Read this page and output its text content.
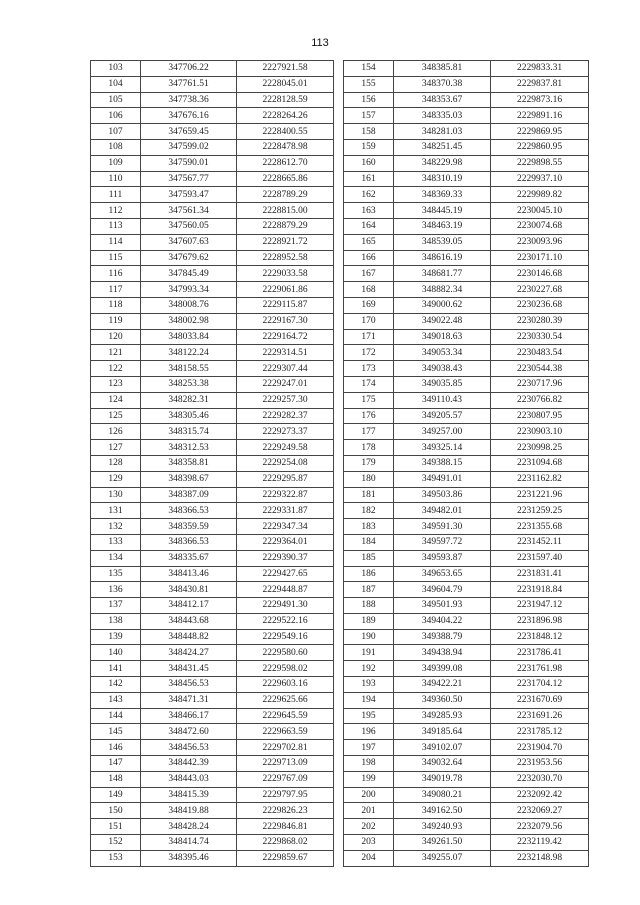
113
103	347706.22	2227921.58
104	347761.51	2228045.01
105	347738.36	2228128.59
106	347676.16	2228264.26
107	347659.45	2228400.55
108	347599.02	2228478.98
109	347590.01	2228612.70
110	347567.77	2228665.86
111	347593.47	2228789.29
112	347561.34	2228815.00
113	347560.05	2228879.29
114	347607.63	2228921.72
115	347679.62	2228952.58
116	347845.49	2229033.58
117	347993.34	2229061.86
118	348008.76	2229115.87
119	348002.98	2229167.30
120	348033.84	2229164.72
121	348122.24	2229314.51
122	348158.55	2229307.44
123	348253.38	2229247.01
124	348282.31	2229257.30
125	348305.46	2229282.37
126	348315.74	2229273.37
127	348312.53	2229249.58
128	348358.81	2229254.08
129	348398.67	2229295.87
130	348387.09	2229322.87
131	348366.53	2229331.87
132	348359.59	2229347.34
133	348366.53	2229364.01
134	348335.67	2229390.37
135	348413.46	2229427.65
136	348430.81	2229448.87
137	348412.17	2229491.30
138	348443.68	2229522.16
139	348448.82	2229549.16
140	348424.27	2229580.60
141	348431.45	2229598.02
142	348456.53	2229603.16
143	348471.31	2229625.66
144	348466.17	2229645.59
145	348472.60	2229663.59
146	348456.53	2229702.81
147	348442.39	2229713.09
148	348443.03	2229767.09
149	348415.39	2229797.95
150	348419.88	2229826.23
151	348428.24	2229846.81
152	348414.74	2229868.02
153	348395.46	2229859.67
154	348385.81	2229833.31
155	348370.38	2229837.81
156	348353.67	2229873.16
157	348335.03	2229891.16
158	348281.03	2229869.95
159	348251.45	2229860.95
160	348229.98	2229898.55
161	348310.19	2229937.10
162	348369.33	2229989.82
163	348445.19	2230045.10
164	348463.19	2230074.68
165	348539.05	2230093.96
166	348616.19	2230171.10
167	348681.77	2230146.68
168	348882.34	2230227.68
169	349000.62	2230236.68
170	349022.48	2230280.39
171	349018.63	2230330.54
172	349053.34	2230483.54
173	349038.43	2230544.38
174	349035.85	2230717.96
175	349110.43	2230766.82
176	349205.57	2230807.95
177	349257.00	2230903.10
178	349325.14	2230998.25
179	349388.15	2231094.68
180	349491.01	2231162.82
181	349503.86	2231221.96
182	349482.01	2231259.25
183	349591.30	2231355.68
184	349597.72	2231452.11
185	349593.87	2231597.40
186	349653.65	2231831.41
187	349604.79	2231918.84
188	349501.93	2231947.12
189	349404.22	2231896.98
190	349388.79	2231848.12
191	349438.94	2231786.41
192	349399.08	2231761.98
193	349422.21	2231704.12
194	349360.50	2231670.69
195	349285.93	2231691.26
196	349185.64	2231785.12
197	349102.07	2231904.70
198	349032.64	2231953.56
199	349019.78	2232030.70
200	349080.21	2232092.42
201	349162.50	2232069.27
202	349240.93	2232079.56
203	349261.50	2232119.42
204	349255.07	2232148.98
